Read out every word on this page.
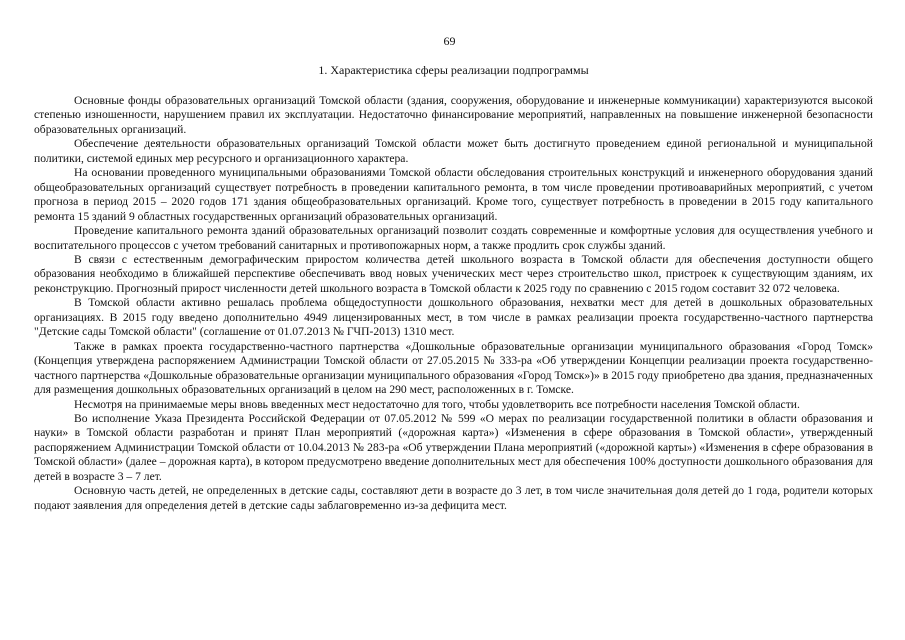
69
1. Характеристика сферы реализации подпрограммы

Основные фонды образовательных организаций Томской области (здания, сооружения, оборудование и инженерные коммуникации) характеризуются высокой степенью изношенности, нарушением правил их эксплуатации. Недостаточно финансирование мероприятий, направленных на повышение инженерной безопасности образовательных организаций.

Обеспечение деятельности образовательных организаций Томской области может быть достигнуто проведением единой региональной и муниципальной политики, системой единых мер ресурсного и организационного характера.

На основании проведенного муниципальными образованиями Томской области обследования строительных конструкций и инженерного оборудования зданий общеобразовательных организаций существует потребность в проведении капитального ремонта, в том числе проведении противоаварийных мероприятий, с учетом прогноза в период 2015 – 2020 годов 171 здания общеобразовательных организаций. Кроме того, существует потребность в проведении в 2015 году капитального ремонта 15 зданий 9 областных государственных организаций образовательных организаций.

Проведение капитального ремонта зданий образовательных организаций позволит создать современные и комфортные условия для осуществления учебного и воспитательного процессов с учетом требований санитарных и противопожарных норм, а также продлить срок службы зданий.

В связи с естественным демографическим приростом количества детей школьного возраста в Томской области для обеспечения доступности общего образования необходимо в ближайшей перспективе обеспечивать ввод новых ученических мест через строительство школ, пристроек к существующим зданиям, их реконструкцию. Прогнозный прирост численности детей школьного возраста в Томской области к 2025 году по сравнению с 2015 годом составит 32 072 человека.

В Томской области активно решалась проблема общедоступности дошкольного образования, нехватки мест для детей в дошкольных образовательных организациях. В 2015 году введено дополнительно 4949 лицензированных мест, в том числе в рамках реализации проекта государственно-частного партнерства "Детские сады Томской области" (соглашение от 01.07.2013 № ГЧП-2013) 1310 мест.

Также в рамках проекта государственно-частного партнерства «Дошкольные образовательные организации муниципального образования «Город Томск» (Концепция утверждена распоряжением Администрации Томской области от 27.05.2015 № 333-ра «Об утверждении Концепции реализации проекта государственно-частного партнерства «Дошкольные образовательные организации муниципального образования «Город Томск»)» в 2015 году приобретено два здания, предназначенных для размещения дошкольных образовательных организаций в целом на 290 мест, расположенных в г. Томске.

Несмотря на принимаемые меры вновь введенных мест недостаточно для того, чтобы удовлетворить все потребности населения Томской области.

Во исполнение Указа Президента Российской Федерации от 07.05.2012 № 599 «О мерах по реализации государственной политики в области образования и науки» в Томской области разработан и принят План мероприятий («дорожная карта») «Изменения в сфере образования в Томской области», утвержденный распоряжением Администрации Томской области от 10.04.2013 № 283-ра «Об утверждении Плана мероприятий («дорожной карты») «Изменения в сфере образования в Томской области» (далее – дорожная карта), в котором предусмотрено введение дополнительных мест для обеспечения 100% доступности дошкольного образования для детей в возрасте 3 – 7 лет.

Основную часть детей, не определенных в детские сады, составляют дети в возрасте до 3 лет, в том числе значительная доля детей до 1 года, родители которых подают заявления для определения детей в детские сады заблаговременно из-за дефицита мест.
